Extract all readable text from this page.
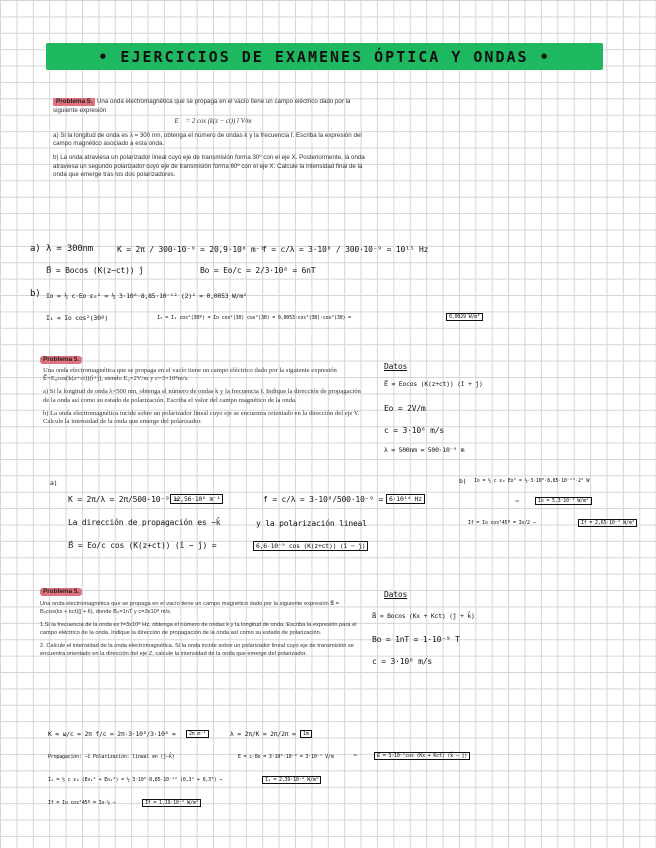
• EJERCICIOS DE EXAMENES ÓPTICA Y ONDAS •
Problema 5. Una onda electromagnética que se propaga en el vacío tiene un campo eléctrico dado por la siguiente expresión
E⃗ = 2 cos (k(z − ct)) î V/m
a) Si la longitud de onda es λ = 300 nm, obtenga el número de ondas k y la frecuencia f. Escriba la expresión del campo magnético asociado a esta onda.
b) La onda atraviesa un polarizador lineal cuyo eje de transmisión forma 30º con el eje X. Posteriormente, la onda atraviesa un segundo polarizador cuyo eje de transmisión forma 60º con el eje X. Calcule la intensidad final de la onda que emerge tras los dos polarizadores.
a) λ = 300nm	K = 2π / 300·10⁻⁹ = 20,9·10⁶ m⁻¹
f = c/λ = 3·10⁸ / 300·10⁻⁹ = 10¹⁵ Hz
B⃗ = Bocos (K(z−ct)) ĵ	Bo = Eo/c = 2/3·10⁸ = 6nT
b) Io = ½ c·Eo ε₀² = ½ 3·10⁸·8,85·10⁻¹² (2)² = 0,0053 W/m²
I₁ = Io cos²(30º)	I₂ = I₁ cos²(30º) = Io cos²(30) cos²(30) = 0,0053·cos²(30)·cos²(30) =	0,0029 W/m²
Problema 5.
Una onda electromagnética que se propaga en el vacío tiene un campo eléctrico dado por la siguiente expresión E⃗=E₀cos(k(z+ct))(î+ĵ), siendo E₀=2V/m y c=3×10⁸m/s.
a) Si la longitud de onda λ=500 nm, obtenga el número de ondas k y la frecuencia f. Indique la dirección de propagación de la onda así como su estado de polarización. Escriba el valor del campo magnético de la onda.
b) La onda electromagnética incide sobre un polarizador lineal cuyo eje se encuentra orientado en la dirección del eje Y. Calcule la intensidad de la onda que emerge del polarizador.
Datos
E⃗ = Eocos (K(z+ct)) (î + ĵ)
Eo = 2V/m
c = 3·10⁸ m/s
λ = 500nm = 500·10⁻⁹ m
a)
K = 2π/λ = 2π/500·10⁻⁹ =
12,56·10⁶ m⁻¹	f = c/λ = 3·10⁸/500·10⁻⁹ = 6·10¹⁴ Hz
La dirección de propagación es −k̂	y la polarización lineal
B⃗ = Eo/c cos (K(z+ct)) (î − ĵ) =	6,6·10⁻⁹ cos (K(z+ct)) (î − ĵ)
b) Io = ½ c ε₀ Eo² = ½·3·10⁸·8,85·10⁻¹²·2² W
⇒	Io = 5,3·10⁻³ W/m²
If = Io cos²45º = Io/2 ⇒	If = 2,65·10⁻³ W/m²
Problema 5.
Una onda electromagnética que se propaga en el vacío tiene un campo magnético dado por la siguiente expresión B⃗ = B₀cos(kx + kct)(ĵ + k̂), donde B₀=1nT y c=3x10⁸ m/s.
1.Si la frecuencia de la onda es f=3x10⁸ Hz, obtenga el número de ondas k y la longitud de onda. Escriba la expresión para el campo eléctrico de la onda. Indique la dirección de propagación de la onda así como su estado de polarización.
2. Calcule el intensidad de la onda electromagnética. Si la onda incide sobre un polarizador lineal cuyo eje de transmisión se encuentra orientado en la dirección del eje Z, calcule la intensidad de la onda que emerge del polarizador.
Datos
B⃗ = Bocos (Kx + Kct) (ĵ + k̂)
Bo = 1nT = 1·10⁻⁹ T
c = 3·10⁸ m/s
K = ω/c = 2π f/c = 2π·3·10⁸/3·10⁸ =	2π m⁻¹	λ = 2π/K = 2π/2π =	1m
Propagación: −î Polarización: lineal en (ĵ−k̂)	E = c·Bo = 3·10⁸·10⁻⁹ = 3·10⁻¹ V/m	⇒	E⃗ = 3·10⁻¹cos (Kx + Kct) (k̂ − ĵ)
I₁ = ½ c ε₀ (Eo₁² + Eo₂²) = ½ 3·10⁸·8,85·10⁻¹² (0,3² + 0,3²) ⇒	I₁ = 2,39·10⁻⁴ W/m²
If = Io cos²45º = Io·½ ⇒	If = 1,19·10⁻⁴ W/m²
